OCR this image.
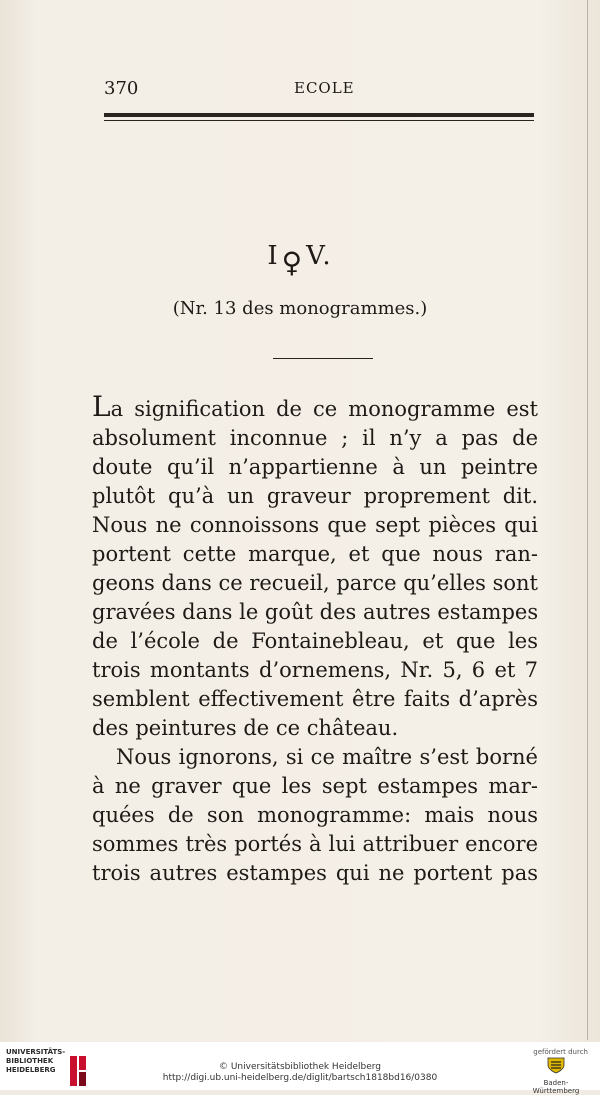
370	ECOLE
I♀V.
(Nr. 13 des monogrammes.)
La signification de ce monogramme est
absolument inconnue ; il n’y a pas de
doute qu’il n’appartienne à un peintre
plutôt qu’à un graveur proprement dit.
Nous ne connoissons que sept pièces qui
portent cette marque, et que nous ran-
geons dans ce recueil, parce qu’elles sont
gravées dans le goût des autres estampes
de l’école de Fontainebleau, et que les
trois montants d’ornemens, Nr. 5, 6 et 7
semblent effectivement être faits d’après
des peintures de ce château.
Nous ignorons, si ce maître s’est borné
à ne graver que les sept estampes mar-
quées de son monogramme: mais nous
sommes très portés à lui attribuer encore
trois autres estampes qui ne portent pas
UNIVERSITÄTS-
BIBLIOTHEK
HEIDELBERG	© Universitätsbibliothek Heidelberg
http://digi.ub.uni-heidelberg.de/diglit/bartsch1818bd16/0380
gefördert durch
Baden-Württemberg
